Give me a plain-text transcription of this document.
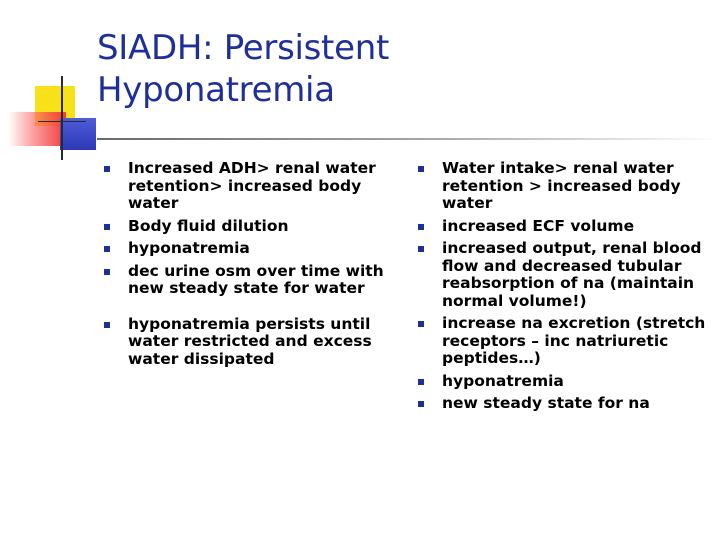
SIADH: Persistent
Hyponatremia
Increased ADH> renal water retention> increased body water
Body fluid dilution
hyponatremia
dec urine osm over time with new steady state for water
hyponatremia persists until water restricted and excess water dissipated
Water intake> renal water retention > increased body water
increased ECF volume
increased output, renal blood flow and decreased tubular reabsorption of na (maintain normal volume!)
increase na excretion (stretch receptors – inc natriuretic peptides…)
hyponatremia
new steady state for na
